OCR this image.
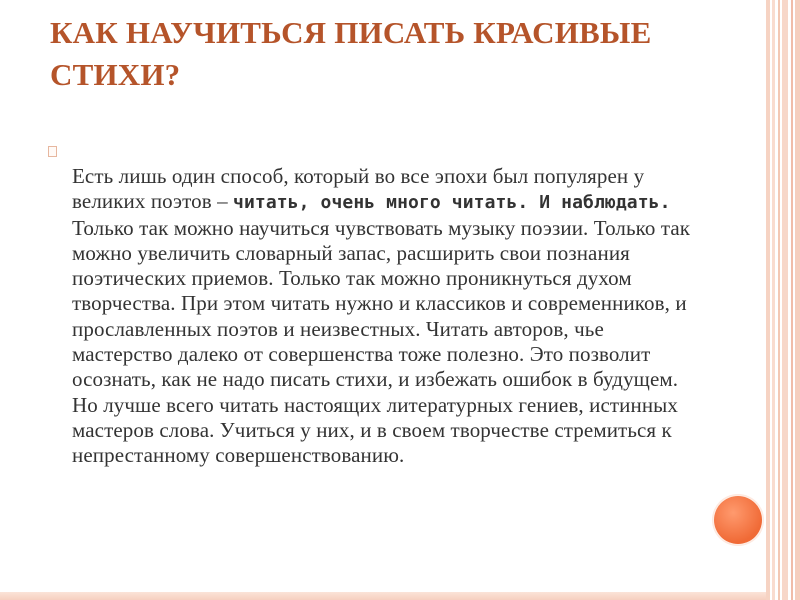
КАК НАУЧИТЬСЯ ПИСАТЬ КРАСИВЫЕ
СТИХИ?

Есть лишь один способ, который во все эпохи был популярен у великих поэтов – читать, очень много читать. И наблюдать. Только так можно научиться чувствовать музыку поэзии. Только так можно увеличить словарный запас, расширить свои познания поэтических приемов. Только так можно проникнуться духом творчества. При этом читать нужно и классиков и современников, и прославленных поэтов и неизвестных. Читать авторов, чье мастерство далеко от совершенства тоже полезно. Это позволит осознать, как не надо писать стихи, и избежать ошибок в будущем. Но лучше всего читать настоящих литературных гениев, истинных мастеров слова. Учиться у них, и в своем творчестве стремиться к непрестанному совершенствованию.
